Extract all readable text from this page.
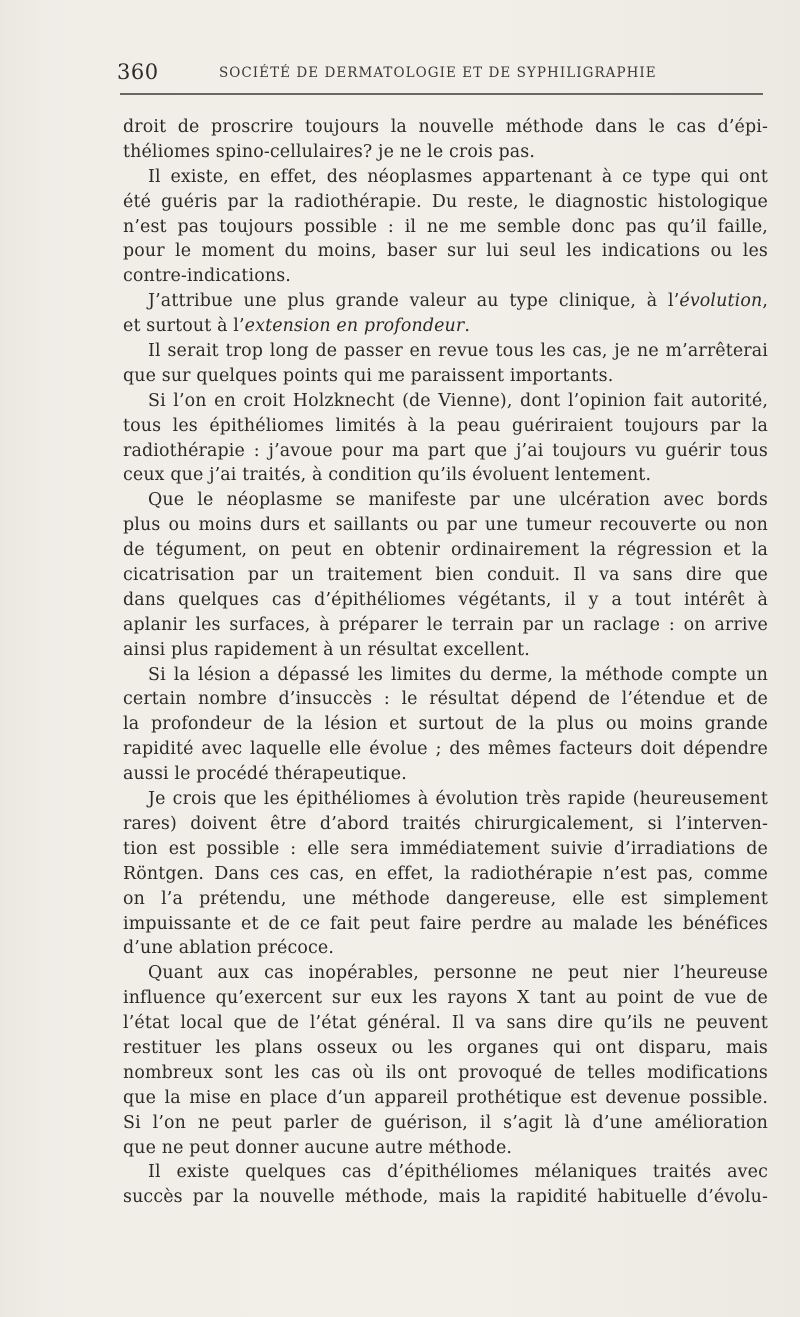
360	SOCIÉTÉ DE DERMATOLOGIE ET DE SYPHILIGRAPHIE
droit de proscrire toujours la nouvelle méthode dans le cas d’épi-
théliomes spino-cellulaires? je ne le crois pas.
Il existe, en effet, des néoplasmes appartenant à ce type qui ont
été guéris par la radiothérapie. Du reste, le diagnostic histologique
n’est pas toujours possible : il ne me semble donc pas qu’il faille,
pour le moment du moins, baser sur lui seul les indications ou les
contre-indications.
J’attribue une plus grande valeur au type clinique, à l’évolution,
et surtout à l’extension en profondeur.
Il serait trop long de passer en revue tous les cas, je ne m’arrêterai
que sur quelques points qui me paraissent importants.
Si l’on en croit Holzknecht (de Vienne), dont l’opinion fait autorité,
tous les épithéliomes limités à la peau guériraient toujours par la
radiothérapie : j’avoue pour ma part que j’ai toujours vu guérir tous
ceux que j’ai traités, à condition qu’ils évoluent lentement.
Que le néoplasme se manifeste par une ulcération avec bords
plus ou moins durs et saillants ou par une tumeur recouverte ou non
de tégument, on peut en obtenir ordinairement la régression et la
cicatrisation par un traitement bien conduit. Il va sans dire que
dans quelques cas d’épithéliomes végétants, il y a tout intérêt à
aplanir les surfaces, à préparer le terrain par un raclage : on arrive
ainsi plus rapidement à un résultat excellent.
Si la lésion a dépassé les limites du derme, la méthode compte un
certain nombre d’insuccès : le résultat dépend de l’étendue et de
la profondeur de la lésion et surtout de la plus ou moins grande
rapidité avec laquelle elle évolue ; des mêmes facteurs doit dépendre
aussi le procédé thérapeutique.
Je crois que les épithéliomes à évolution très rapide (heureusement
rares) doivent être d’abord traités chirurgicalement, si l’interven-
tion est possible : elle sera immédiatement suivie d’irradiations de
Röntgen. Dans ces cas, en effet, la radiothérapie n’est pas, comme
on l’a prétendu, une méthode dangereuse, elle est simplement
impuissante et de ce fait peut faire perdre au malade les bénéfices
d’une ablation précoce.
Quant aux cas inopérables, personne ne peut nier l’heureuse
influence qu’exercent sur eux les rayons X tant au point de vue de
l’état local que de l’état général. Il va sans dire qu’ils ne peuvent
restituer les plans osseux ou les organes qui ont disparu, mais
nombreux sont les cas où ils ont provoqué de telles modifications
que la mise en place d’un appareil prothétique est devenue possible.
Si l’on ne peut parler de guérison, il s’agit là d’une amélioration
que ne peut donner aucune autre méthode.
Il existe quelques cas d’épithéliomes mélaniques traités avec
succès par la nouvelle méthode, mais la rapidité habituelle d’évolu-
